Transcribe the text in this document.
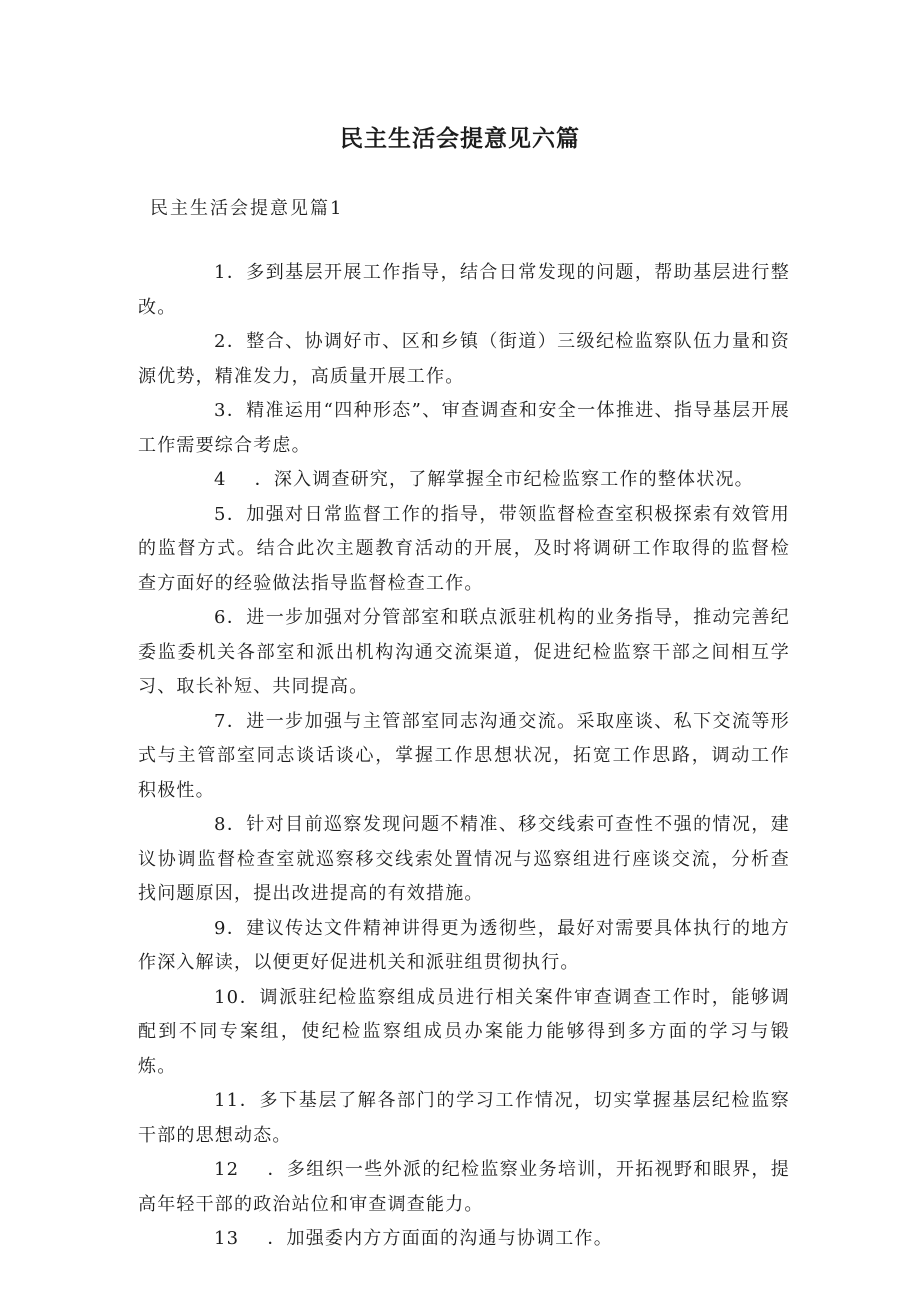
民主生活会提意见六篇
民主生活会提意见篇1

1．多到基层开展工作指导，结合日常发现的问题，帮助基层进行整改。

2．整合、协调好市、区和乡镇（街道）三级纪检监察队伍力量和资源优势，精准发力，高质量开展工作。

3．精准运用“四种形态”、审查调查和安全一体推进、指导基层开展工作需要综合考虑。

4 ．深入调查研究，了解掌握全市纪检监察工作的整体状况。

5．加强对日常监督工作的指导，带领监督检查室积极探索有效管用的监督方式。结合此次主题教育活动的开展，及时将调研工作取得的监督检查方面好的经验做法指导监督检查工作。

6．进一步加强对分管部室和联点派驻机构的业务指导，推动完善纪委监委机关各部室和派出机构沟通交流渠道，促进纪检监察干部之间相互学习、取长补短、共同提高。

7．进一步加强与主管部室同志沟通交流。采取座谈、私下交流等形式与主管部室同志谈话谈心，掌握工作思想状况，拓宽工作思路，调动工作积极性。

8．针对目前巡察发现问题不精准、移交线索可查性不强的情况，建议协调监督检查室就巡察移交线索处置情况与巡察组进行座谈交流，分析查找问题原因，提出改进提高的有效措施。

9．建议传达文件精神讲得更为透彻些，最好对需要具体执行的地方作深入解读，以便更好促进机关和派驻组贯彻执行。

10．调派驻纪检监察组成员进行相关案件审查调查工作时，能够调配到不同专案组，使纪检监察组成员办案能力能够得到多方面的学习与锻炼。

11．多下基层了解各部门的学习工作情况，切实掌握基层纪检监察干部的思想动态。

12 ．多组织一些外派的纪检监察业务培训，开拓视野和眼界，提高年轻干部的政治站位和审查调查能力。

13 ．加强委内方方面面的沟通与协调工作。
